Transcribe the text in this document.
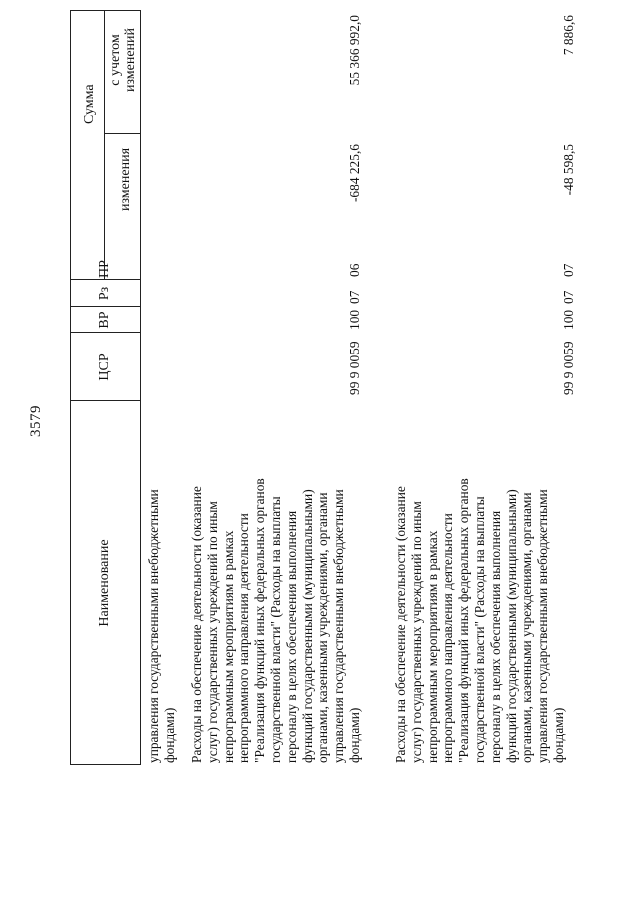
3579
Наименование
ЦСР
ВР
Рз
ПР
Сумма
изменения
с учетом
изменений
управления государственными внебюджетными фондами) Расходы на обеспечение деятельности (оказание услуг) государственных учреждений по иным непрограммным мероприятиям в рамках непрограммного направления деятельности "Реализация функций иных федеральных органов государственной власти" (Расходы на выплаты персоналу в целях обеспечения выполнения функций государственными (муниципальными) органами, казенными учреждениями, органами управления государственными внебюджетными фондами)
99 9 0059
100
07
06
-684 225,6
55 366 992,0
Расходы на обеспечение деятельности (оказание услуг) государственных учреждений по иным непрограммным мероприятиям в рамках непрограммного направления деятельности "Реализация функций иных федеральных органов государственной власти" (Расходы на выплаты персоналу в целях обеспечения выполнения функций государственными (муниципальными) органами, казенными учреждениями, органами управления государственными внебюджетными фондами)
99 9 0059
100
07
07
-48 598,5
7 886,6
